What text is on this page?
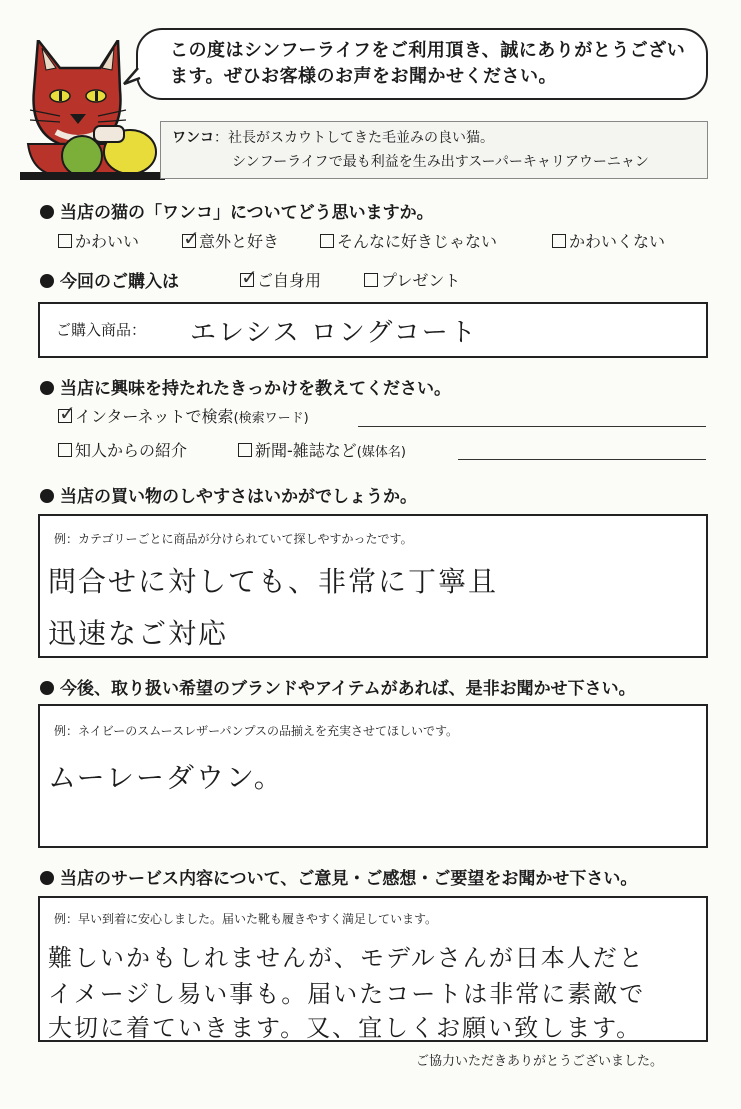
この度はシンフーライフをご利用頂き、誠にありがとうございます。ぜひお客様のお声をお聞かせください。
ワンコ：社長がスカウトしてきた毛並みの良い猫。
シンフーライフで最も利益を生み出すスーパーキャリアウーニャン
当店の猫の「ワンコ」についてどう思いますか。
かわいい ✓ 意外と好き	そんなに好きじゃない	かわいくない
今回のご購入は	✓ ご自身用	プレゼント
ご購入商品： エレシス ロングコート
当店に興味を持たれたきっかけを教えてください。
✓ インターネットで検索(検索ワード)
知人からの紹介	新聞-雑誌など(媒体名)
当店の買い物のしやすさはいかがでしょうか。
例：カテゴリーごとに商品が分けられていて探しやすかったです。
問合せに対しても、非常に丁寧且
迅速なご対応
今後、取り扱い希望のブランドやアイテムがあれば、是非お聞かせ下さい。
例：ネイビーのスムースレザーパンプスの品揃えを充実させてほしいです。
ムーレーダウン。
当店のサービス内容について、ご意見・ご感想・ご要望をお聞かせ下さい。
例：早い到着に安心しました。届いた靴も履きやすく満足しています。
難しいかもしれませんが、モデルさんが日本人だと
イメージし易い事も。届いたコートは非常に素敵で
大切に着ていきます。又、宜しくお願い致します。
ご協力いただきありがとうございました。
